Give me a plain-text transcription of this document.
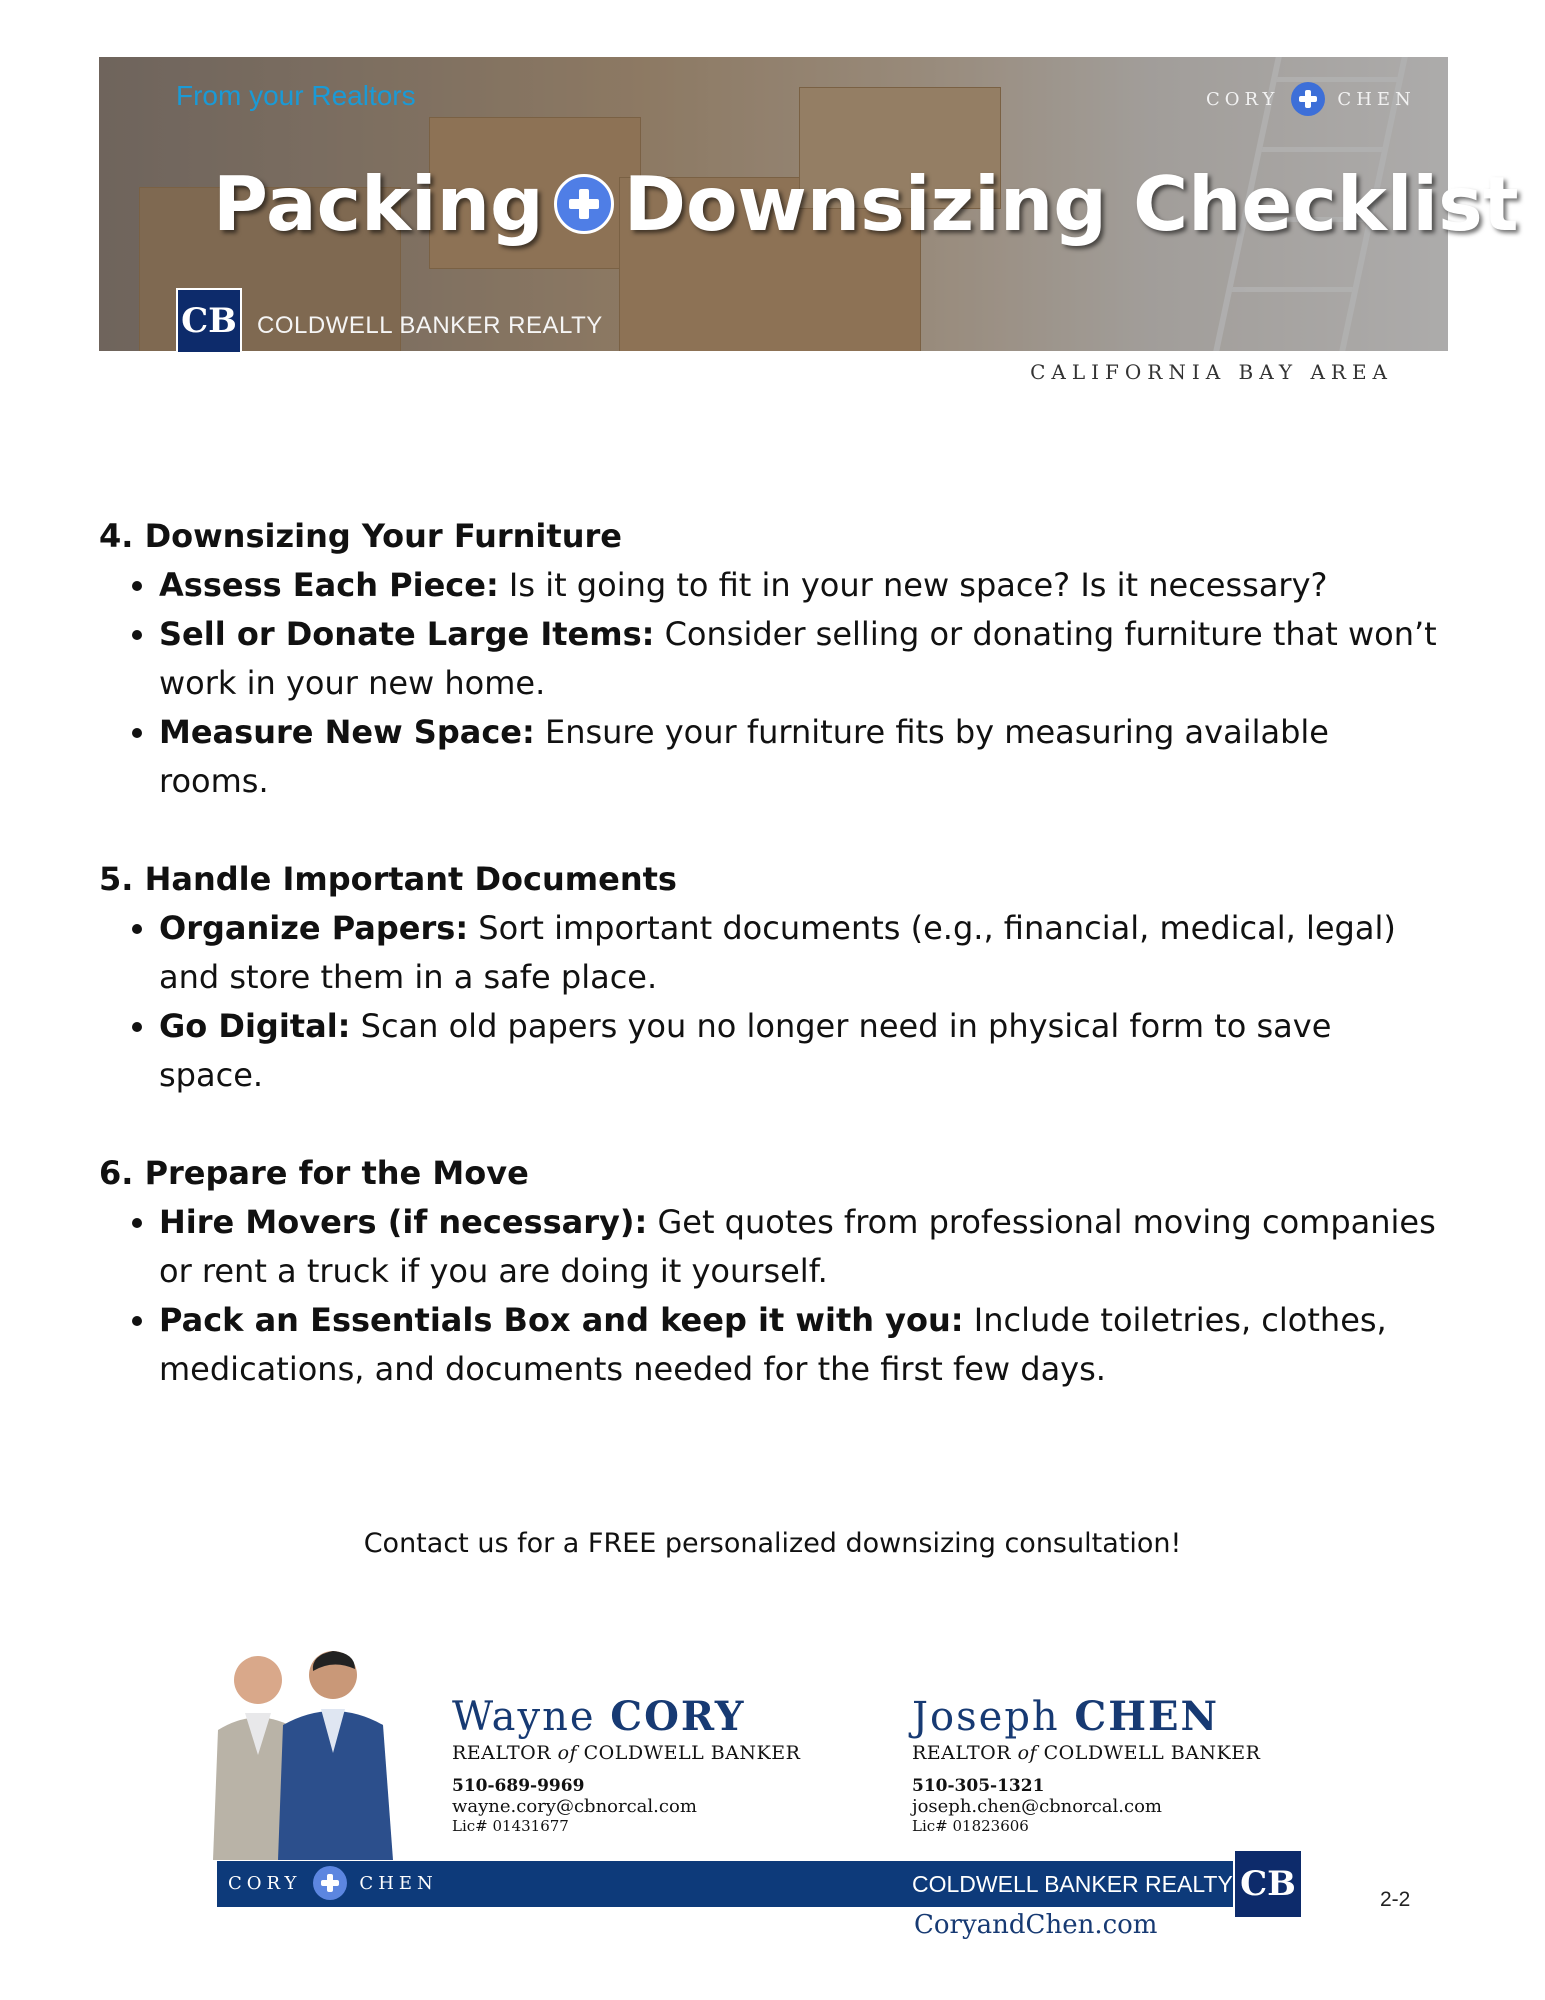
From your Realtors	CORY	CHEN
Packing Downsizing Checklist
CB COLDWELL BANKER REALTY
CALIFORNIA BAY AREA
4. Downsizing Your Furniture
• Assess Each Piece: Is it going to fit in your new space? Is it necessary?
• Sell or Donate Large Items: Consider selling or donating furniture that won’t work in your new home.
• Measure New Space: Ensure your furniture fits by measuring available rooms.
5. Handle Important Documents
• Organize Papers: Sort important documents (e.g., financial, medical, legal) and store them in a safe place.
• Go Digital: Scan old papers you no longer need in physical form to save space.
6. Prepare for the Move
• Hire Movers (if necessary): Get quotes from professional moving companies or rent a truck if you are doing it yourself.
• Pack an Essentials Box and keep it with you: Include toiletries, clothes, medications, and documents needed for the first few days.
Contact us for a FREE personalized downsizing consultation!
Wayne CORY
REALTOR of COLDWELL BANKER
510-689-9969
wayne.cory@cbnorcal.com
Lic# 01431677
Joseph CHEN
REALTOR of COLDWELL BANKER
510-305-1321
joseph.chen@cbnorcal.com
Lic# 01823606
CORY	CHEN	COLDWELL BANKER REALTY CB
CoryandChen.com
2-2
